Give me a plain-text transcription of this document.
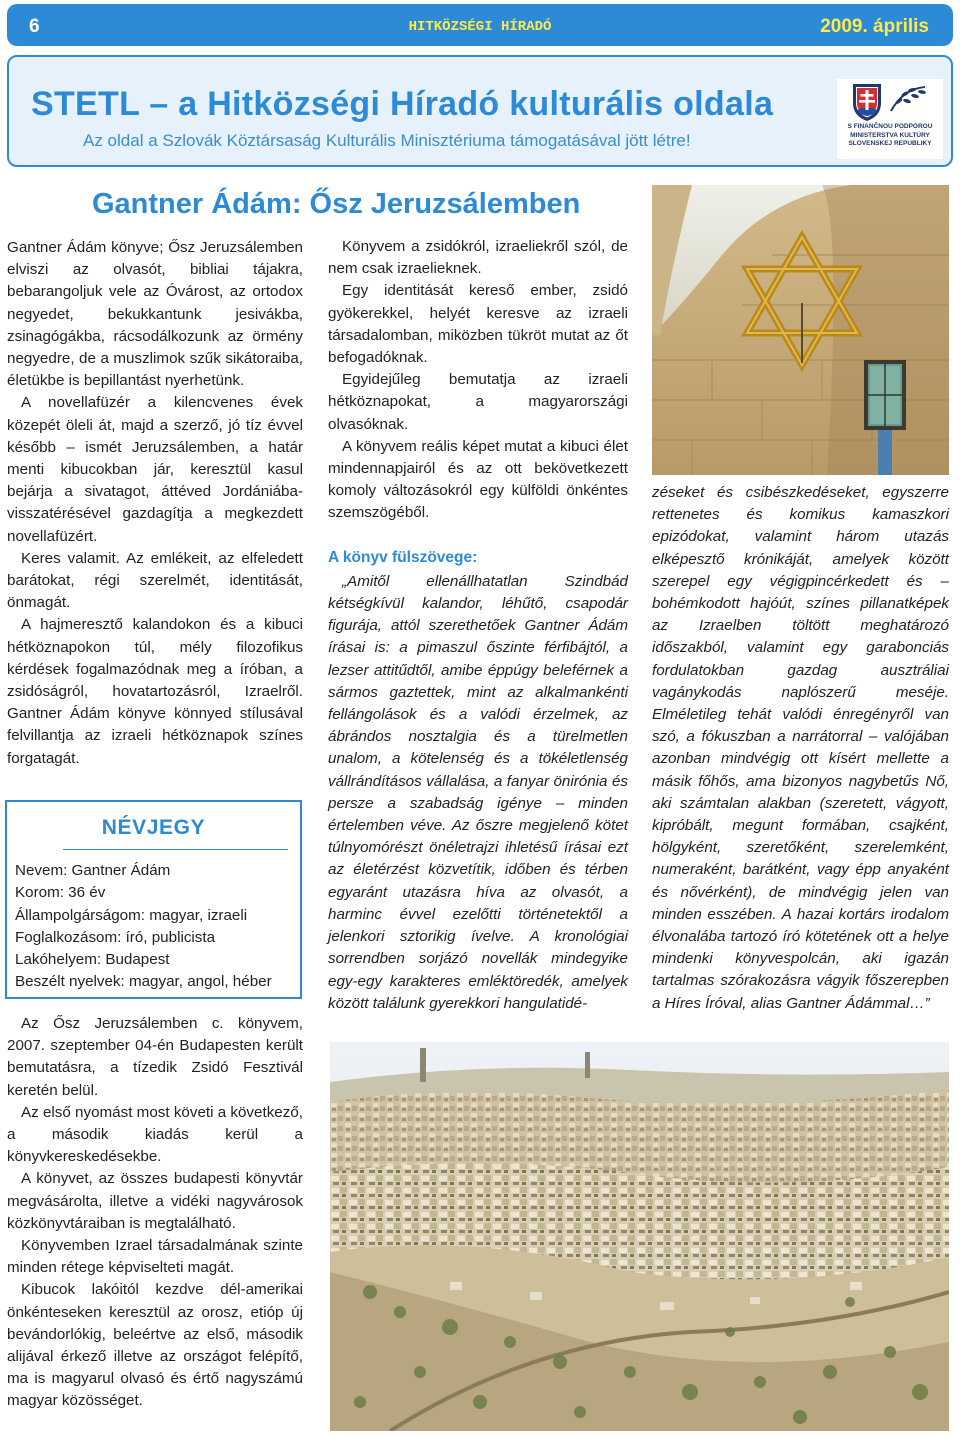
6	HITKÖZSÉGI HÍRADÓ	2009. április
STETL – a Hitközségi Híradó kulturális oldala
Az oldal a Szlovák Köztársaság Kulturális Minisztériuma támogatásával jött létre!
S FINANČNOU PODPOROU
MINISTERSTVA KULTÚRY
SLOVENSKEJ REPUBLIKY
Gantner Ádám: Ősz Jeruzsálemben

Gantner Ádám könyve; Ősz Jeruzsálemben elviszi az olvasót, bibliai tájakra, bebarangoljuk vele az Óvárost, az ortodox negyedet, bekukkantunk jesivákba, zsinagógákba, rácsodálkozunk az örmény negyedre, de a muszlimok szűk sikátoraiba, életükbe is bepillantást nyerhetünk.

A novellafüzér a kilencvenes évek közepét öleli át, majd a szerző, jó tíz évvel később – ismét Jeruzsálemben, a határ menti kibucokban jár, keresztül kasul bejárja a sivatagot, áttéved Jordániába- visszatérésével gazdagítja a megkezdett novellafüzért.

Keres valamit. Az emlékeit, az elfeledett barátokat, régi szerelmét, identitását, önmagát.

A hajmeresztő kalandokon és a kibuci hétköznapokon túl, mély filozofikus kérdések fogalmazódnak meg a íróban, a zsidóságról, hovatartozásról, Izraelről. Gantner Ádám könyve könnyed stílusával felvillantja az izraeli hétköznapok színes forgatagát.

NÉVJEGY
Nevem: Gantner Ádám
Korom: 36 év
Állampolgárságom: magyar, izraeli
Foglalkozásom: író, publicista
Lakóhelyem: Budapest
Beszélt nyelvek: magyar, angol, héber

Az Ősz Jeruzsálemben c. könyvem, 2007. szeptember 04-én Budapesten került bemutatásra, a tízedik Zsidó Fesztivál keretén belül.

Az első nyomást most követi a következő, a második kiadás kerül a könyvkereskedésekbe.

A könyvet, az összes budapesti könyvtár megvásárolta, illetve a vidéki nagyvárosok közkönyvtáraiban is megtalálható.

Könyvemben Izrael társadalmának szinte minden rétege képviselteti magát.

Kibucok lakóitól kezdve dél-amerikai önkénteseken keresztül az orosz, etióp új bevándorlókig, beleértve az első, második alijával érkező illetve az országot felépítő, ma is magyarul olvasó és értő nagyszámú magyar közösséget.

Könyvem a zsidókról, izraeliekről szól, de nem csak izraelieknek.

Egy identitását kereső ember, zsidó gyökerekkel, helyét keresve az izraeli társadalomban, miközben tükröt mutat az őt befogadóknak.

Egyidejűleg bemutatja az izraeli hétköznapokat, a magyarországi olvasóknak.

A könyvem reális képet mutat a kibuci élet mindennapjairól és az ott bekövetkezett komoly változásokról egy külföldi önkéntes szemszögéből.

A könyv fülszövege:

„Amitől ellenállhatatlan Szindbád kétségkívül kalandor, léhűtő, csapodár figurája, attól szerethetőek Gantner Ádám írásai is: a pimaszul őszinte férfibájtól, a lezser attitűdtől, amibe éppúgy beleférnek a sármos gaztettek, mint az alkalmankénti fellángolások és a valódi érzelmek, az ábrándos nosztalgia és a türelmetlen unalom, a kötelenség és a tökéletlenség vállrándításos vállalása, a fanyar önirónia és persze a szabadság igénye – minden értelemben véve. Az őszre megjelenő kötet túlnyomórészt önéletrajzi ihletésű írásai ezt az életérzést közvetítik, időben és térben egyaránt utazásra híva az olvasót, a harminc évvel ezelőtti történetektől a jelenkori sztorikig ívelve. A kronológiai sorrendben sorjázó novellák mindegyike egy-egy karakteres emléktöredék, amelyek között találunk gyerekkori hangulatidé-

zéseket és csibészkedéseket, egyszerre rettenetes és komikus kamaszkori epizódokat, valamint három utazás elképesztő krónikáját, amelyek között szerepel egy végigpincérkedett és – bohémkodott hajóút, színes pillanatképek az Izraelben töltött meghatározó időszakból, valamint egy garabonciás fordulatokban gazdag ausztráliai vagánykodás naplószerű meséje. Elméletileg tehát valódi énregényről van szó, a fókuszban a narrátorral – valójában azonban mindvégig ott kísért mellette a másik főhős, ama bizonyos nagybetűs Nő, aki számtalan alakban (szeretett, vágyott, kipróbált, megunt formában, csajként, hölgyként, szeretőként, szerelemként, numeraként, barátként, vagy épp anyaként és nővérként), de mindvégig jelen van minden esszében. A hazai kortárs irodalom élvonalába tartozó író kötetének ott a helye mindenki könyvespolcán, aki igazán tartalmas szórakozásra vágyik főszerepben a Híres Íróval, alias Gantner Ádámmal…”
